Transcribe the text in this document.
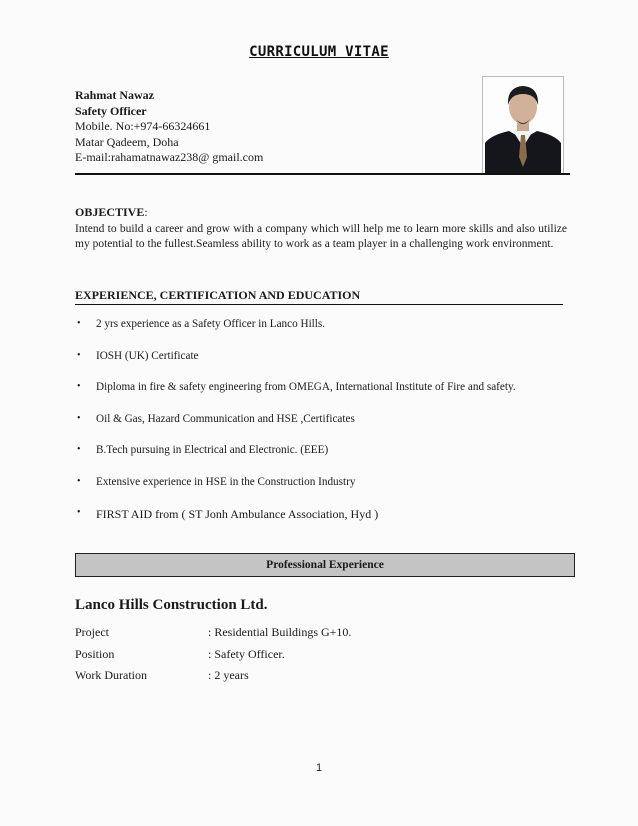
CURRICULUM VITAE
Rahmat Nawaz
Safety Officer
Mobile. No:+974-66324661
Matar Qadeem, Doha
E-mail:rahamatnawaz238@ gmail.com
OBJECTIVE:
Intend to build a career and grow with a company which will help me to learn more skills and also utilize my potential to the fullest.Seamless ability to work as a team player in a challenging work environment.
EXPERIENCE, CERTIFICATION AND EDUCATION
•	2 yrs experience as a Safety Officer in Lanco Hills.
•	IOSH (UK) Certificate
•	Diploma in fire & safety engineering from OMEGA, International Institute of Fire and safety.
•	Oil & Gas, Hazard Communication and HSE ,Certificates
•	B.Tech pursuing in Electrical and Electronic. (EEE)
•	Extensive experience in HSE in the Construction Industry
•	FIRST AID from ( ST Jonh Ambulance Association, Hyd )
Professional Experience
Lanco Hills Construction Ltd.
Project	: Residential Buildings G+10.
Position	: Safety Officer.
Work Duration	: 2 years
1
